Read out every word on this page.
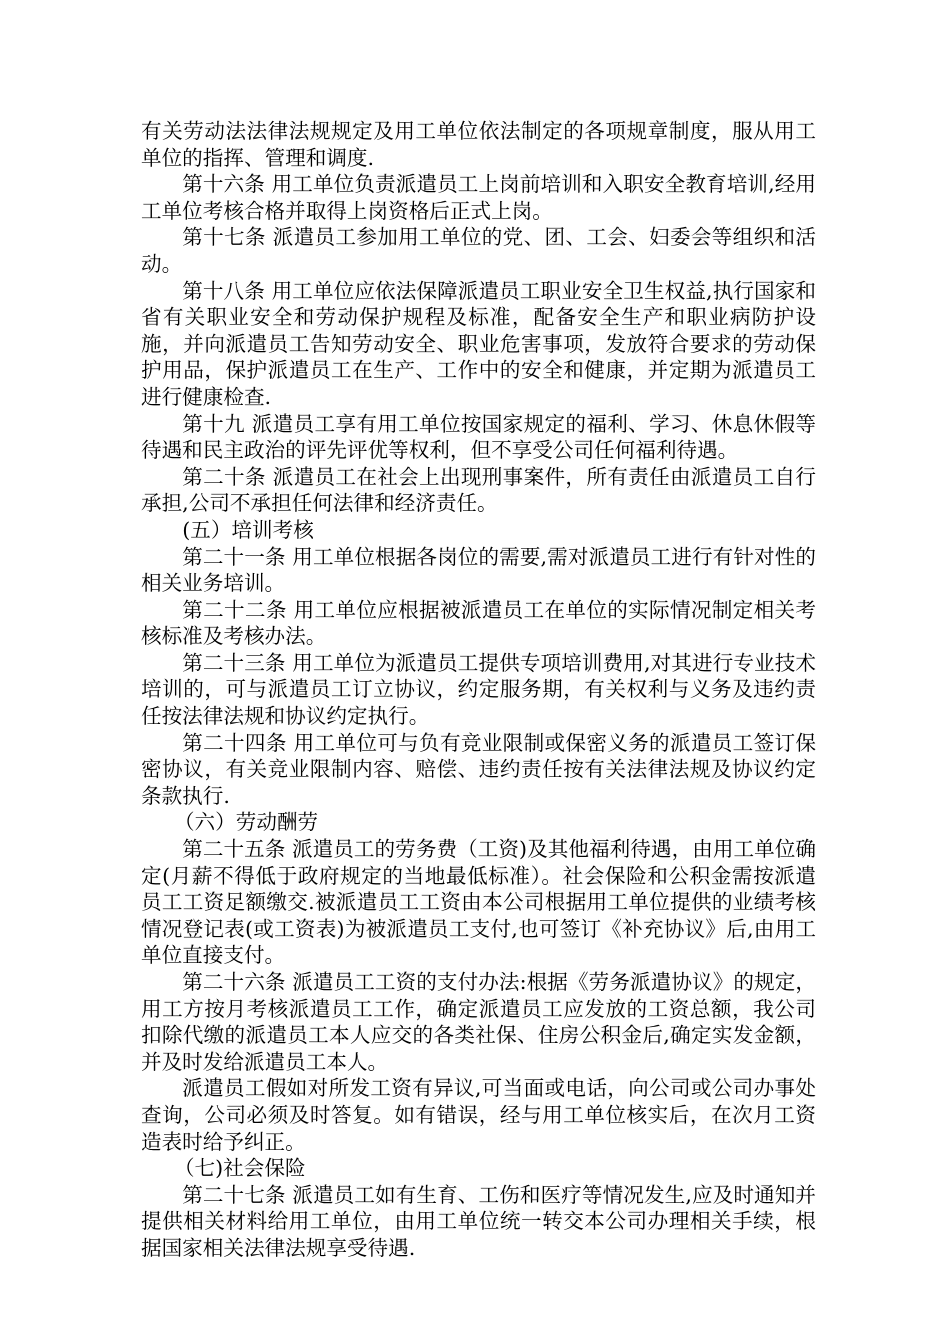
有关劳动法法律法规规定及用工单位依法制定的各项规章制度，服从用工单位的指挥、管理和调度.

第十六条 用工单位负责派遣员工上岗前培训和入职安全教育培训,经用工单位考核合格并取得上岗资格后正式上岗。

第十七条 派遣员工参加用工单位的党、团、工会、妇委会等组织和活动。

第十八条 用工单位应依法保障派遣员工职业安全卫生权益,执行国家和省有关职业安全和劳动保护规程及标准，配备安全生产和职业病防护设施，并向派遣员工告知劳动安全、职业危害事项，发放符合要求的劳动保护用品，保护派遣员工在生产、工作中的安全和健康，并定期为派遣员工进行健康检查.

第十九 派遣员工享有用工单位按国家规定的福利、学习、休息休假等待遇和民主政治的评先评优等权利，但不享受公司任何福利待遇。

第二十条 派遣员工在社会上出现刑事案件，所有责任由派遣员工自行承担,公司不承担任何法律和经济责任。

(五）培训考核

第二十一条 用工单位根据各岗位的需要,需对派遣员工进行有针对性的相关业务培训。

第二十二条 用工单位应根据被派遣员工在单位的实际情况制定相关考核标准及考核办法。

第二十三条 用工单位为派遣员工提供专项培训费用,对其进行专业技术培训的，可与派遣员工订立协议，约定服务期，有关权利与义务及违约责任按法律法规和协议约定执行。

第二十四条 用工单位可与负有竞业限制或保密义务的派遣员工签订保密协议，有关竞业限制内容、赔偿、违约责任按有关法律法规及协议约定条款执行.

（六）劳动酬劳

第二十五条 派遣员工的劳务费（工资)及其他福利待遇，由用工单位确定(月薪不得低于政府规定的当地最低标准）。社会保险和公积金需按派遣员工工资足额缴交.被派遣员工工资由本公司根据用工单位提供的业绩考核情况登记表(或工资表)为被派遣员工支付,也可签订《补充协议》后,由用工单位直接支付。

第二十六条 派遣员工工资的支付办法:根据《劳务派遣协议》的规定，用工方按月考核派遣员工工作，确定派遣员工应发放的工资总额，我公司扣除代缴的派遣员工本人应交的各类社保、住房公积金后,确定实发金额，并及时发给派遣员工本人。

派遣员工假如对所发工资有异议,可当面或电话，向公司或公司办事处查询，公司必须及时答复。如有错误，经与用工单位核实后，在次月工资造表时给予纠正。

（七)社会保险

第二十七条 派遣员工如有生育、工伤和医疗等情况发生,应及时通知并提供相关材料给用工单位，由用工单位统一转交本公司办理相关手续，根据国家相关法律法规享受待遇.
